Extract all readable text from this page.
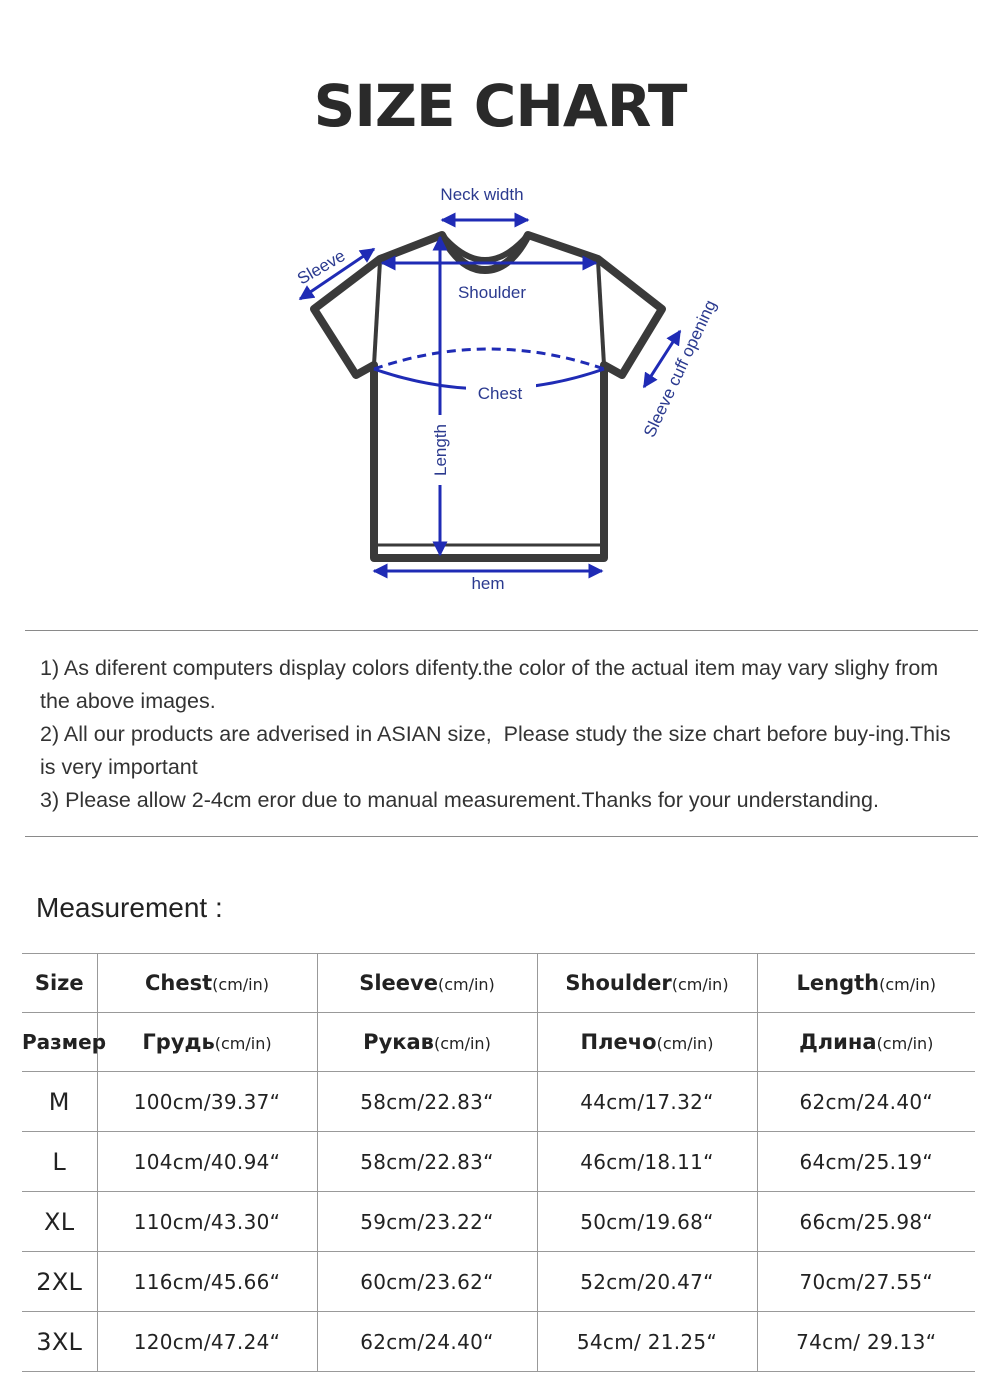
SIZE CHART
Neck width
Shoulder
Sleeve
Chest
Length
hem
Sleeve cuff opening

1) As diferent computers display colors difenty.the color of the actual item may vary slighy from the above images.

2) All our products are adverised in ASIAN size,  Please study the size chart before buy-ing.This is very important

3) Please allow 2-4cm eror due to manual measurement.Thanks for your understanding.

Measurement :
Size	Chest(cm/in)	Sleeve(cm/in)	Shoulder(cm/in)	Length(cm/in)
Размер	Грудь(cm/in)	Рукав(cm/in)	Плечо(cm/in)	Длина(cm/in)
M	100cm/39.37“	58cm/22.83“	44cm/17.32“	62cm/24.40“
L	104cm/40.94“	58cm/22.83“	46cm/18.11“	64cm/25.19“
XL	110cm/43.30“	59cm/23.22“	50cm/19.68“	66cm/25.98“
2XL	116cm/45.66“	60cm/23.62“	52cm/20.47“	70cm/27.55“
3XL	120cm/47.24“	62cm/24.40“	54cm/ 21.25“	74cm/ 29.13“
